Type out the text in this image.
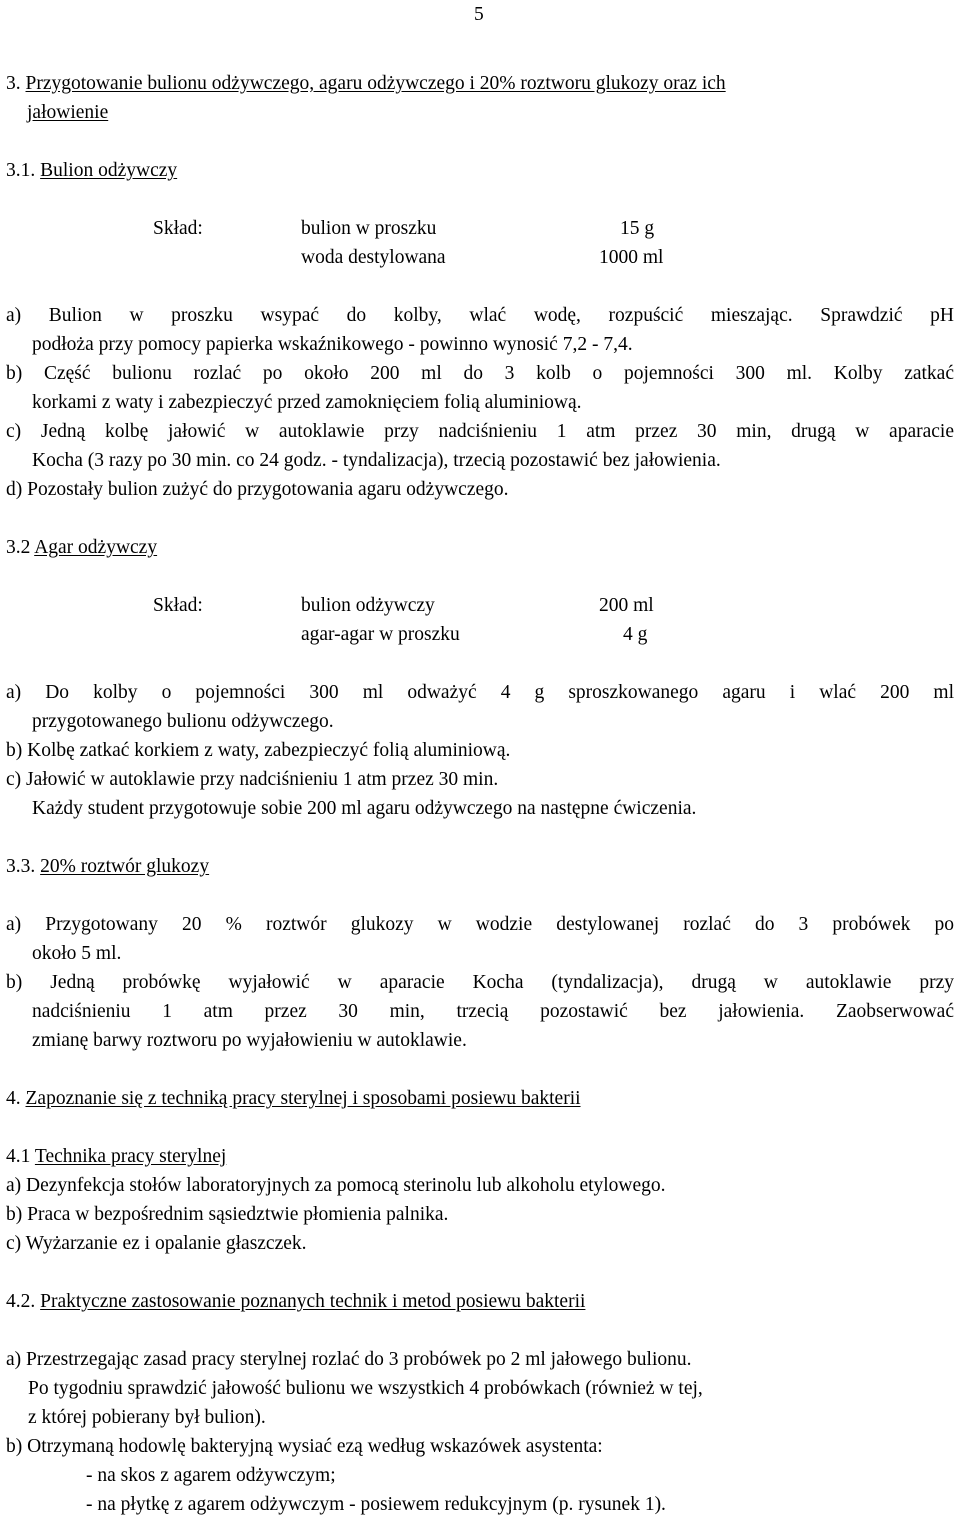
5
3. Przygotowanie bulionu odżywczego, agaru odżywczego i 20% roztworu glukozy oraz ich
jałowienie
3.1. Bulion odżywczy
Skład:	bulion w proszku	15 g
woda destylowana	1000 ml
a) Bulion w proszku wsypać do kolby, wlać wodę, rozpuścić mieszając. Sprawdzić pH
podłoża przy pomocy papierka wskaźnikowego - powinno wynosić 7,2 - 7,4.
b) Część bulionu rozlać po około 200 ml do 3 kolb o pojemności 300 ml. Kolby zatkać
korkami z waty i zabezpieczyć przed zamoknięciem folią aluminiową.
c) Jedną kolbę jałowić w autoklawie przy nadciśnieniu 1 atm przez 30 min, drugą w aparacie
Kocha (3 razy po 30 min. co 24 godz. - tyndalizacja), trzecią pozostawić bez jałowienia.
d) Pozostały bulion zużyć do przygotowania agaru odżywczego.
3.2 Agar odżywczy
Skład:	bulion odżywczy	200 ml
agar-agar w proszku	4 g
a) Do kolby o pojemności 300 ml odważyć 4 g sproszkowanego agaru i wlać 200 ml
przygotowanego bulionu odżywczego.
b) Kolbę zatkać korkiem z waty, zabezpieczyć folią aluminiową.
c) Jałowić w autoklawie przy nadciśnieniu 1 atm przez 30 min.
Każdy student przygotowuje sobie 200 ml agaru odżywczego na następne ćwiczenia.
3.3. 20% roztwór glukozy
a) Przygotowany 20 % roztwór glukozy w wodzie destylowanej rozlać do 3 probówek po
około 5 ml.
b) Jedną probówkę wyjałowić w aparacie Kocha (tyndalizacja), drugą w autoklawie przy
nadciśnieniu 1 atm przez 30 min, trzecią pozostawić bez jałowienia. Zaobserwować
zmianę barwy roztworu po wyjałowieniu w autoklawie.
4. Zapoznanie się z techniką pracy sterylnej i sposobami posiewu bakterii
4.1 Technika pracy sterylnej
a) Dezynfekcja stołów laboratoryjnych za pomocą sterinolu lub alkoholu etylowego.
b) Praca w bezpośrednim sąsiedztwie płomienia palnika.
c) Wyżarzanie ez i opalanie głaszczek.
4.2. Praktyczne zastosowanie poznanych technik i metod posiewu bakterii
a) Przestrzegając zasad pracy sterylnej rozlać do 3 probówek po 2 ml jałowego bulionu.
Po tygodniu sprawdzić jałowość bulionu we wszystkich 4 probówkach (również w tej,
z której pobierany był bulion).
b) Otrzymaną hodowlę bakteryjną wysiać ezą według wskazówek asystenta:
- na skos z agarem odżywczym;
- na płytkę z agarem odżywczym - posiewem redukcyjnym (p. rysunek 1).
